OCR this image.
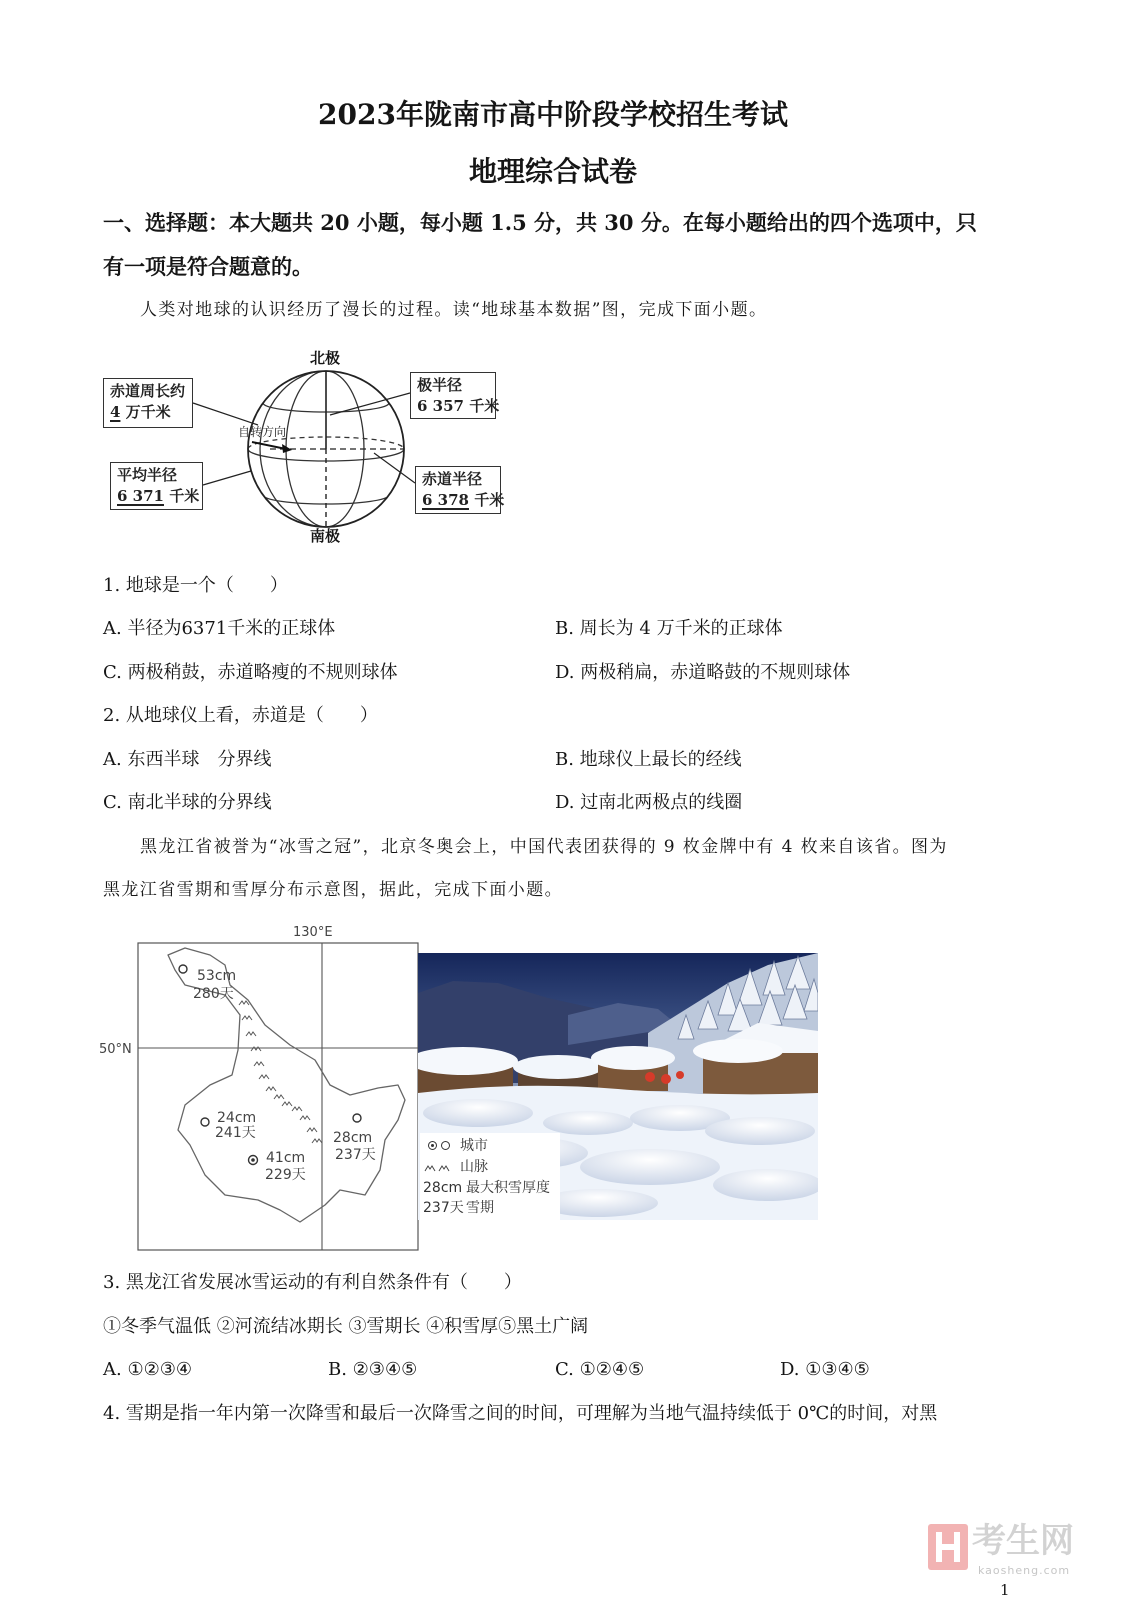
2023年陇南市高中阶段学校招生考试
地理综合试卷
一、选择题：本大题共 20 小题，每小题 1.5 分，共 30 分。在每小题给出的四个选项中，只
有一项是符合题意的。
人类对地球的认识经历了漫长的过程。读“地球基本数据”图，完成下面小题。
北极
南极
自转方向
赤道周长约
4 万千米
极半径
6 357 千米
平均半径
6 371 千米
赤道半径
6 378 千米
1. 地球是一个（　　）
A. 半径为6371千米的正球体	B. 周长为 4 万千米的正球体
C. 两极稍鼓，赤道略瘦的不规则球体	D. 两极稍扁，赤道略鼓的不规则球体
2. 从地球仪上看，赤道是（　　）
A. 东西半球　分界线	B. 地球仪上最长的经线
C. 南北半球的分界线	D. 过南北两极点的线圈
黑龙江省被誉为“冰雪之冠”，北京冬奥会上，中国代表团获得的 9 枚金牌中有 4 枚来自该省。图为
黑龙江省雪期和雪厚分布示意图，据此，完成下面小题。
130°E
50°N
53cm
280天
24cm
241天
41cm
229天
28cm
237天
城市
山脉
28cm 最大积雪厚度
237天 雪期
3. 黑龙江省发展冰雪运动的有利自然条件有（　　）
①冬季气温低 ②河流结冰期长 ③雪期长 ④积雪厚⑤黑土广阔
A. ①②③④	B. ②③④⑤	C. ①②④⑤	D. ①③④⑤
4. 雪期是指一年内第一次降雪和最后一次降雪之间的时间，可理解为当地气温持续低于 0℃的时间，对黑
考生网
kaosheng.com
1
